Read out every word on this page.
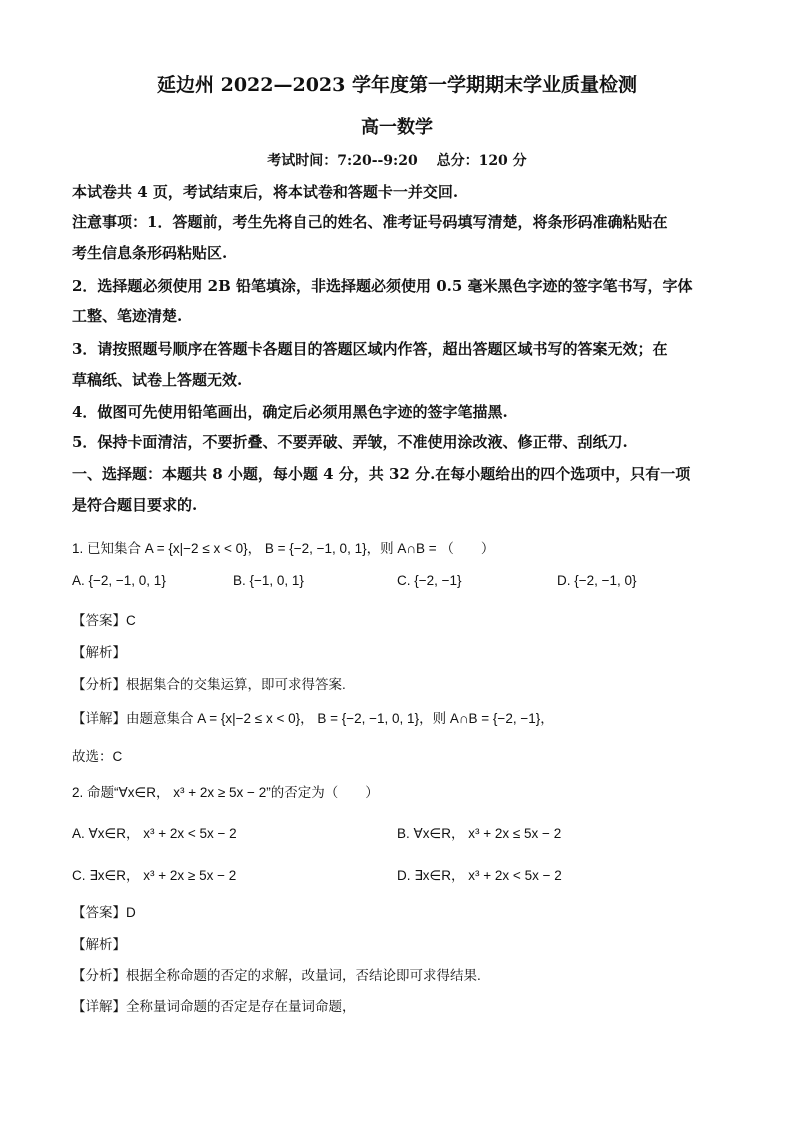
延边州 2022—2023 学年度第一学期期末学业质量检测
高一数学
考试时间：7:20--9:20　 总分：120 分
本试卷共 4 页，考试结束后，将本试卷和答题卡一并交回.
注意事项：1．答题前，考生先将自己的姓名、准考证号码填写清楚，将条形码准确粘贴在
考生信息条形码粘贴区.
2．选择题必须使用 2B 铅笔填涂，非选择题必须使用 0.5 毫米黑色字迹的签字笔书写，字体
工整、笔迹清楚.
3．请按照题号顺序在答题卡各题目的答题区域内作答，超出答题区域书写的答案无效；在
草稿纸、试卷上答题无效.
4．做图可先使用铅笔画出，确定后必须用黑色字迹的签字笔描黑.
5．保持卡面清洁，不要折叠、不要弄破、弄皱，不准使用涂改液、修正带、刮纸刀.
一、选择题：本题共 8 小题，每小题 4 分，共 32 分.在每小题给出的四个选项中，只有一项
是符合题目要求的.
1. 已知集合 A = {x|−2 ≤ x < 0}， B = {−2, −1, 0, 1}，则 A∩B = （　　）
A. {−2, −1, 0, 1}	B. {−1, 0, 1}	C. {−2, −1}	D. {−2, −1, 0}
【答案】C
【解析】
【分析】根据集合的交集运算，即可求得答案.
【详解】由题意集合 A = {x|−2 ≤ x < 0}， B = {−2, −1, 0, 1}，则 A∩B = {−2, −1}，
故选：C
2. 命题“∀x∈R， x³ + 2x ≥ 5x − 2”的否定为（　　）
A. ∀x∈R， x³ + 2x < 5x − 2	B. ∀x∈R， x³ + 2x ≤ 5x − 2
C. ∃x∈R， x³ + 2x ≥ 5x − 2	D. ∃x∈R， x³ + 2x < 5x − 2
【答案】D
【解析】
【分析】根据全称命题的否定的求解，改量词，否结论即可求得结果.
【详解】全称量词命题的否定是存在量词命题，
